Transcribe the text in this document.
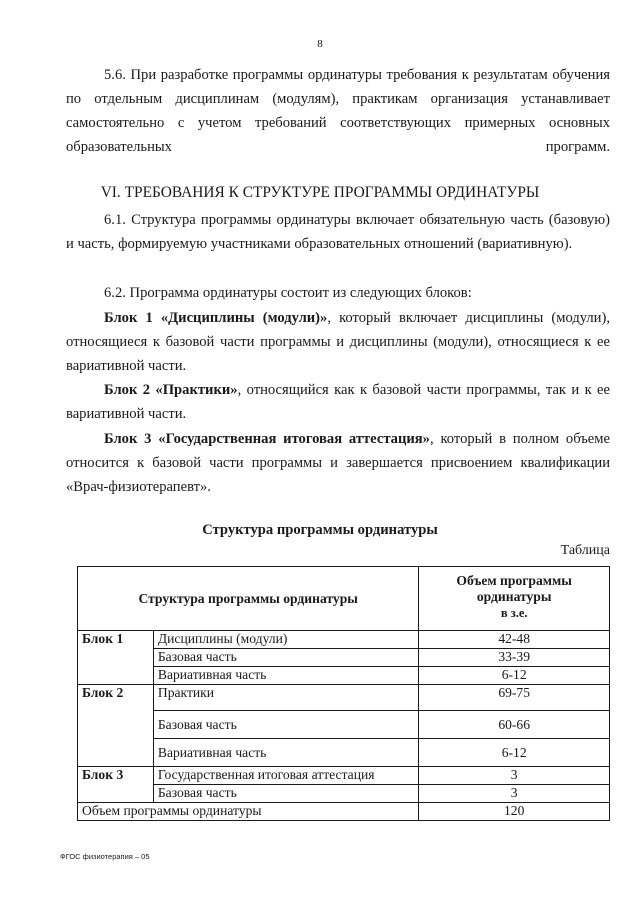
8

5.6. При разработке программы ординатуры требования к результатам обучения по отдельным дисциплинам (модулям), практикам организация устанавливает самостоятельно с учетом требований соответствующих примерных основных образовательных программ.

VI. ТРЕБОВАНИЯ К СТРУКТУРЕ ПРОГРАММЫ ОРДИНАТУРЫ

6.1. Структура программы ординатуры включает обязательную часть (базовую) и часть, формируемую участниками образовательных отношений (вариативную).

6.2. Программа ординатуры состоит из следующих блоков:

Блок 1 «Дисциплины (модули)», который включает дисциплины (модули), относящиеся к базовой части программы и дисциплины (модули), относящиеся к ее вариативной части.

Блок 2 «Практики», относящийся как к базовой части программы, так и к ее вариативной части.

Блок 3 «Государственная итоговая аттестация», который в полном объеме относится к базовой части программы и завершается присвоением квалификации «Врач-физиотерапевт».

Структура программы ординатуры
Таблица
Структура программы ординатуры		Объем программы
ординатуры
в з.е.

Блок 1	Дисциплины (модули)	42-48
	Базовая часть	33-39
	Вариативная часть	6-12
Блок 2	Практики	69-75
	Базовая часть	60-66
	Вариативная часть	6-12
Блок 3	Государственная итоговая аттестация	3
	Базовая часть	3
Объем программы ординатуры		120
ФГОС физиотерапия – 05
